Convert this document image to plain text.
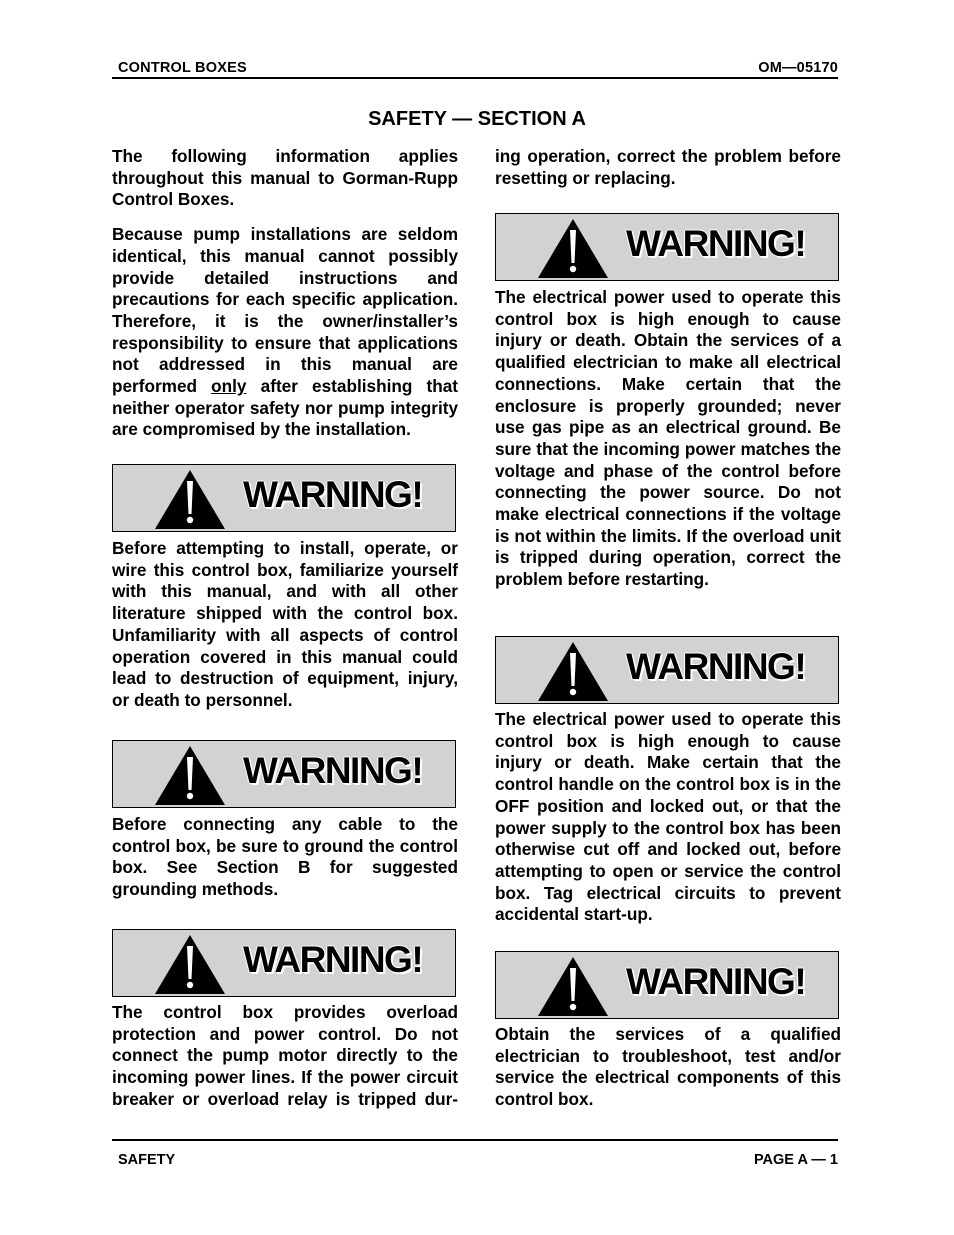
CONTROL BOXES	OM—05170
SAFETY — SECTION A

The following information applies throughout this manual to Gorman-Rupp Control Boxes.

Because pump installations are seldom identical, this manual cannot possibly provide detailed instructions and precautions for each specific application. Therefore, it is the owner/installer’s responsibility to ensure that applications not addressed in this manual are performed only after establishing that neither operator safety nor pump integrity are compromised by the installation.

WARNING!

Before attempting to install, operate, or wire this control box, familiarize yourself with this manual, and with all other literature shipped with the control box. Unfamiliarity with all aspects of control operation covered in this manual could lead to destruction of equipment, injury, or death to personnel.

WARNING!

Before connecting any cable to the control box, be sure to ground the control box. See Section B for suggested grounding methods.

WARNING!

The control box provides overload protection and power control. Do not connect the pump motor directly to the incoming power lines. If the power circuit breaker or overload relay is tripped dur-

ing operation, correct the problem before resetting or replacing.

WARNING!

The electrical power used to operate this control box is high enough to cause injury or death. Obtain the services of a qualified electrician to make all electrical connections. Make certain that the enclosure is properly grounded; never use gas pipe as an electrical ground. Be sure that the incoming power matches the voltage and phase of the control before connecting the power source. Do not make electrical connections if the voltage is not within the limits. If the overload unit is tripped during operation, correct the problem before restarting.

WARNING!

The electrical power used to operate this control box is high enough to cause injury or death. Make certain that the control handle on the control box is in the OFF position and locked out, or that the power supply to the control box has been otherwise cut off and locked out, before attempting to open or service the control box. Tag electrical circuits to prevent accidental start-up.

WARNING!

Obtain the services of a qualified electrician to troubleshoot, test and/or service the electrical components of this control box.

SAFETY	PAGE A — 1
